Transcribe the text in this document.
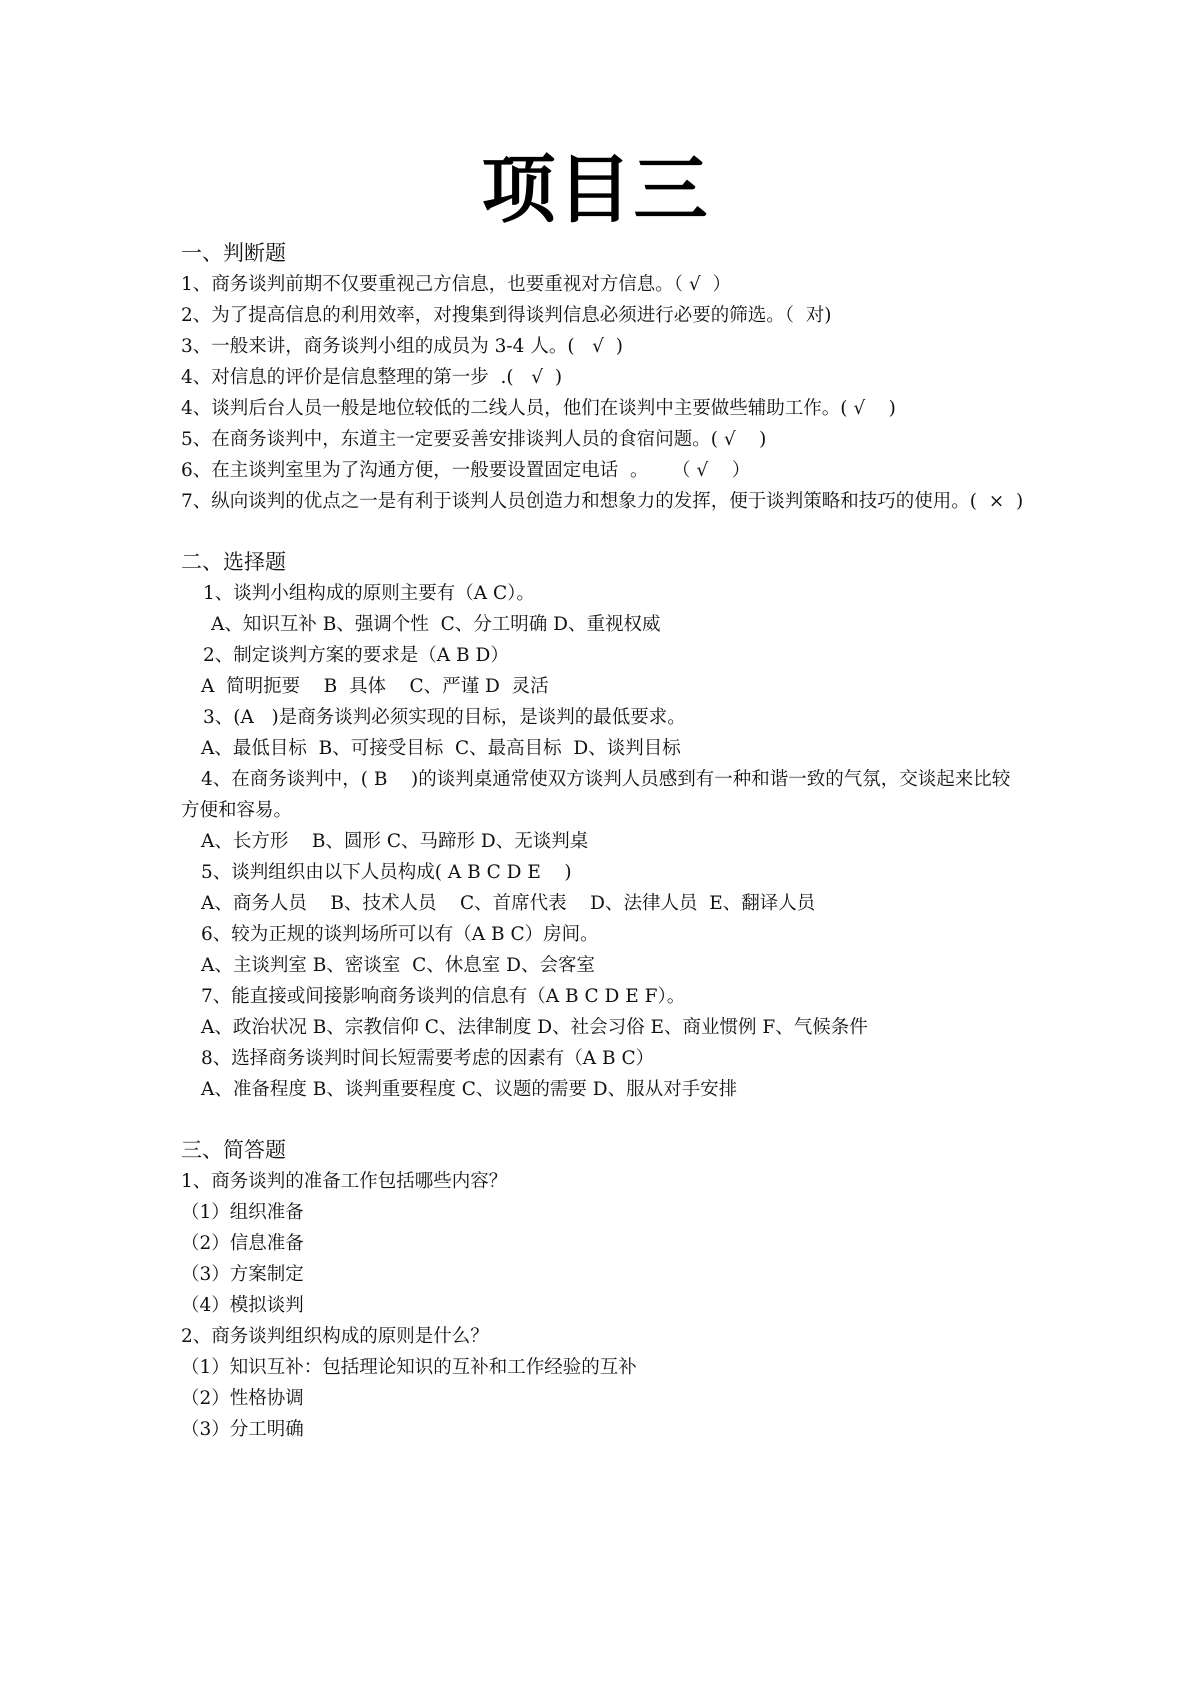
项目三
一、判断题
1、商务谈判前期不仅要重视己方信息，也要重视对方信息。（ √  ）
2、为了提高信息的利用效率，对搜集到得谈判信息必须进行必要的筛选。（  对)
3、一般来讲，商务谈判小组的成员为 3-4 人。(   √  )
4、对信息的评价是信息整理的第一步  .(   √  )
4、谈判后台人员一般是地位较低的二线人员，他们在谈判中主要做些辅助工作。( √    )
5、在商务谈判中，东道主一定要妥善安排谈判人员的食宿问题。( √    )
6、在主谈判室里为了沟通方便，一般要设置固定电话  。    （ √    ）
7、纵向谈判的优点之一是有利于谈判人员创造力和想象力的发挥，便于谈判策略和技巧的使用。(  ×  )
二、选择题
1、谈判小组构成的原则主要有（A C）。
A、知识互补 B、强调个性  C、分工明确 D、重视权威
2、制定谈判方案的要求是（A B D）
A  简明扼要    B  具体    C、严谨 D  灵活
3、(A   )是商务谈判必须实现的目标，是谈判的最低要求。
A、最低目标  B、可接受目标  C、最高目标  D、谈判目标
4、在商务谈判中，( B    )的谈判桌通常使双方谈判人员感到有一种和谐一致的气氛，交谈起来比较方便和容易。
A、长方形    B、圆形 C、马蹄形 D、无谈判桌
5、谈判组织由以下人员构成( A B C D E    )
A、商务人员    B、技术人员    C、首席代表    D、法律人员  E、翻译人员
6、较为正规的谈判场所可以有（A B C）房间。
A、主谈判室 B、密谈室  C、休息室 D、会客室
7、能直接或间接影响商务谈判的信息有（A B C D E F）。
A、政治状况 B、宗教信仰 C、法律制度 D、社会习俗 E、商业惯例 F、气候条件
8、选择商务谈判时间长短需要考虑的因素有（A B C）
A、准备程度 B、谈判重要程度 C、议题的需要 D、服从对手安排
三、简答题
1、商务谈判的准备工作包括哪些内容？
（1）组织准备
（2）信息准备
（3）方案制定
（4）模拟谈判
2、商务谈判组织构成的原则是什么？
（1）知识互补：包括理论知识的互补和工作经验的互补
（2）性格协调
（3）分工明确
